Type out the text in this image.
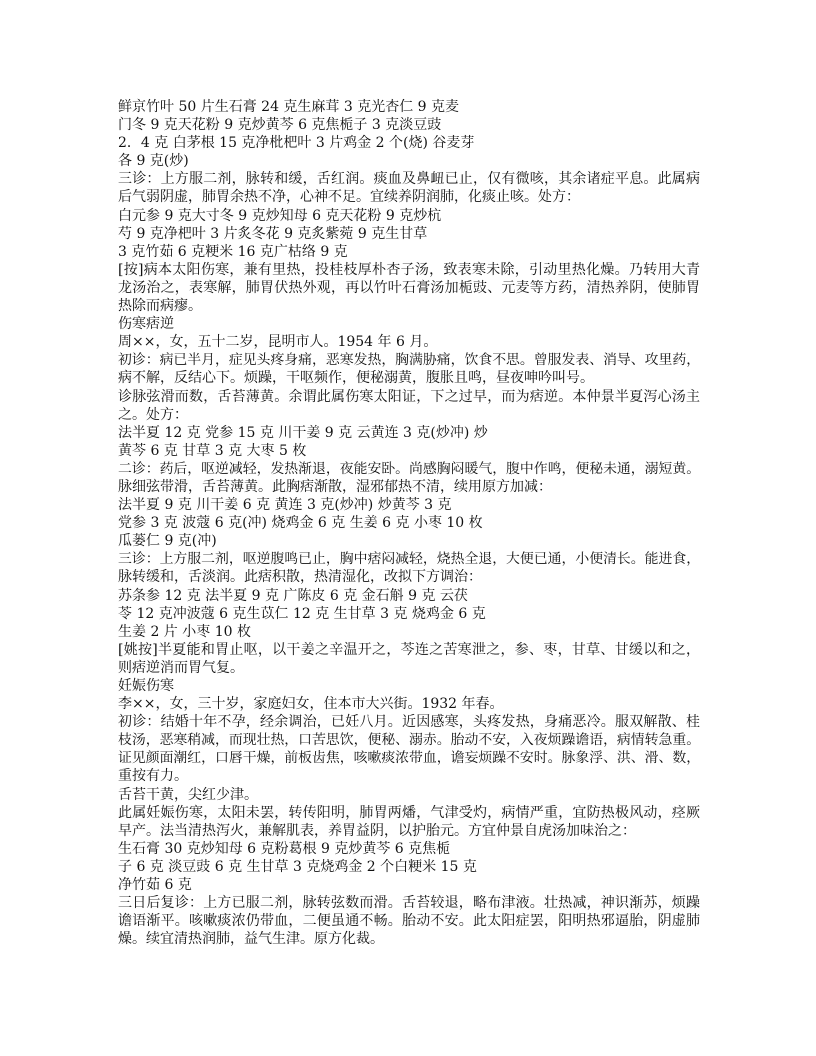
鲜京竹叶 50 片生石膏 24 克生麻茸 3 克光杏仁 9 克麦
门冬 9 克天花粉 9 克炒黄芩 6 克焦栀子 3 克淡豆豉
2．4 克 白茅根 15 克净枇杷叶 3 片鸡金 2 个(烧) 谷麦芽
各 9 克(炒)
三诊：上方服二剂，脉转和缓，舌红润。痰血及鼻衄已止，仅有微咳，其余诸症平息。此属病
后气弱阴虚，肺胃余热不净，心神不足。宜续养阴润肺，化痰止咳。处方：
白元参 9 克大寸冬 9 克炒知母 6 克天花粉 9 克炒杭
芍 9 克净杷叶 3 片炙冬花 9 克炙紫菀 9 克生甘草
3 克竹茹 6 克粳米 16 克广枯络 9 克
[按]病本太阳伤寒，兼有里热，投桂枝厚朴杏子汤，致表寒未除，引动里热化燥。乃转用大青
龙汤治之，表寒解，肺胃伏热外观，再以竹叶石膏汤加栀豉、元麦等方药，清热养阴，使肺胃
热除而病瘳。
伤寒痞逆
周××，女，五十二岁，昆明市人。1954 年 6 月。
初诊：病已半月，症见头疼身痛，恶寒发热，胸满胁痛，饮食不思。曾服发表、消导、攻里药，
病不解，反结心下。烦躁，干呕频作，便秘溺黄，腹胀且鸣，昼夜呻吟叫号。
诊脉弦滑而数，舌苔薄黄。余谓此属伤寒太阳证，下之过早，而为痞逆。本仲景半夏泻心汤主
之。处方：
法半夏 12 克 党参 15 克 川干姜 9 克 云黄连 3 克(炒冲) 炒
黄芩 6 克 甘草 3 克 大枣 5 枚
二诊：药后，呕逆减轻，发热渐退，夜能安卧。尚感胸闷暖气，腹中作鸣，便秘未通，溺短黄。
脉细弦带滑，舌苔薄黄。此胸痞渐散，湿邪郁热不清，续用原方加减：
法半夏 9 克 川干姜 6 克 黄连 3 克(炒冲) 炒黄芩 3 克
党参 3 克 波蔻 6 克(冲) 烧鸡金 6 克 生姜 6 克 小枣 10 枚
瓜蒌仁 9 克(冲)
三诊：上方服二剂，呕逆腹鸣已止，胸中痞闷减轻，烧热全退，大便已通，小便清长。能进食，
脉转缓和，舌淡润。此痞积散，热清湿化，改拟下方调治：
苏条参 12 克 法半夏 9 克 广陈皮 6 克 金石斛 9 克 云茯
苓 12 克冲波蔻 6 克生苡仁 12 克 生甘草 3 克 烧鸡金 6 克
生姜 2 片 小枣 10 枚
[姚按]半夏能和胃止呕，以干姜之辛温开之，芩连之苦寒泄之，参、枣，甘草、甘缓以和之，
则痞逆消而胃气复。
妊娠伤寒
李××，女，三十岁，家庭妇女，住本市大兴街。1932 年春。
初诊：结婚十年不孕，经余调治，已妊八月。近因感寒，头疼发热，身痛恶冷。服双解散、桂
枝汤，恶寒稍减，而现壮热，口苦思饮，便秘、溺赤。胎动不安，入夜烦躁谵语，病情转急重。
证见颜面潮红，口唇干燥，前板齿焦，咳嗽痰浓带血，谵妄烦躁不安时。脉象浮、洪、滑、数，
重按有力。
舌苔干黄，尖红少津。
此属妊娠伤寒，太阳未罢，转传阳明，肺胃两燔，气津受灼，病情严重，宜防热极风动，痉厥
早产。法当清热泻火，兼解肌表，养胃益阴，以护胎元。方宜仲景自虎汤加味治之：
生石膏 30 克炒知母 6 克粉葛根 9 克炒黄芩 6 克焦栀
子 6 克 淡豆豉 6 克 生甘草 3 克烧鸡金 2 个白粳米 15 克
净竹茹 6 克
三日后复诊：上方已服二剂，脉转弦数而滑。舌苔较退，略布津液。壮热减，神识渐苏，烦躁
谵语渐平。咳嗽痰浓仍带血，二便虽通不畅。胎动不安。此太阳症罢，阳明热邪逼胎，阴虚肺
燥。续宜清热润肺，益气生津。原方化裁。
